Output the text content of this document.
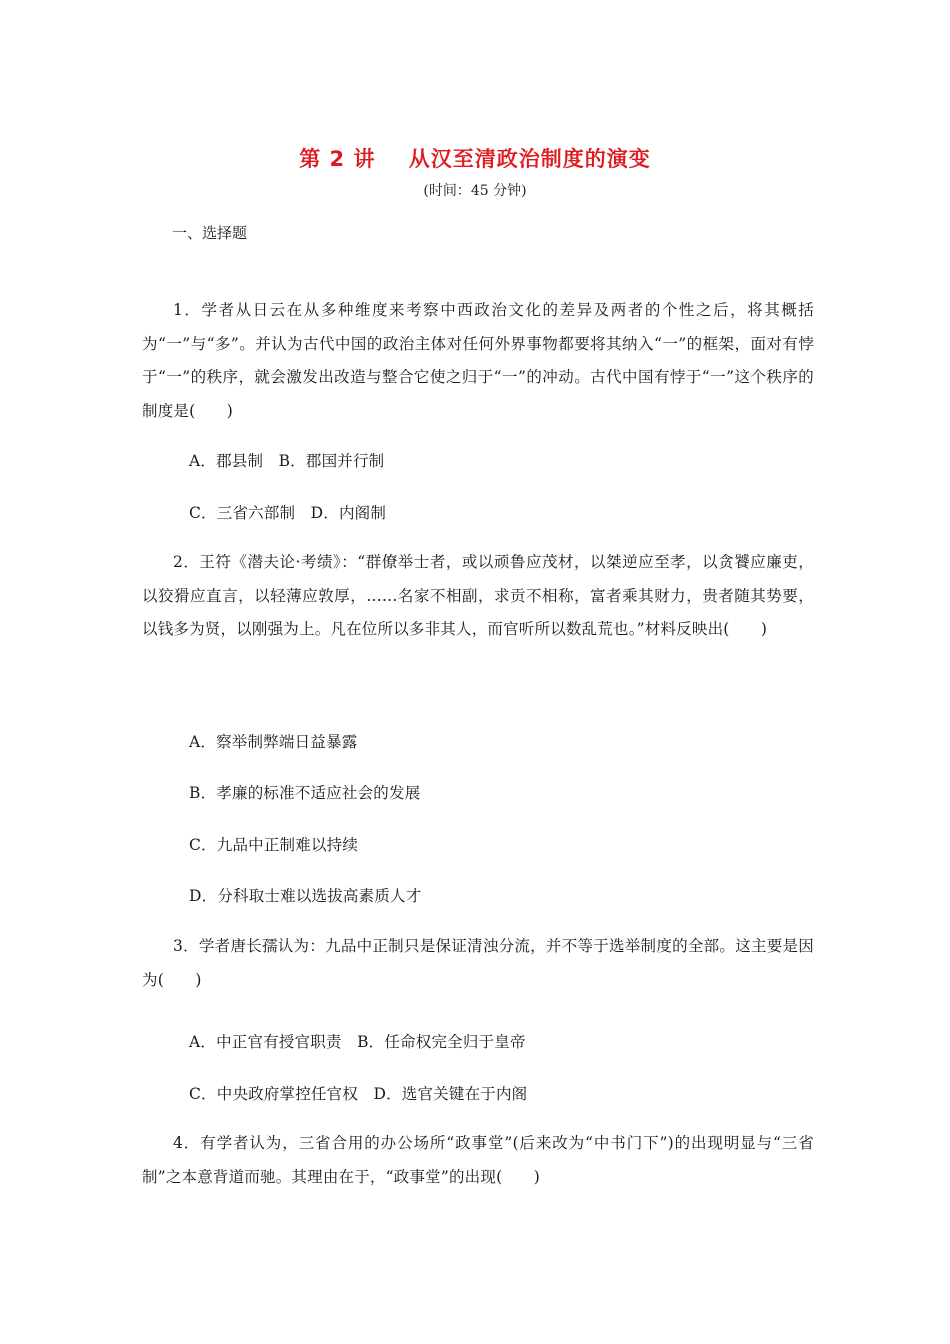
第 2 讲    从汉至清政治制度的演变
(时间：45 分钟)
一、选择题
1．学者从日云在从多种维度来考察中西政治文化的差异及两者的个性之后，将其概括为“一”与“多”。并认为古代中国的政治主体对任何外界事物都要将其纳入“一”的框架，面对有悖于“一”的秩序，就会激发出改造与整合它使之归于“一”的冲动。古代中国有悖于“一”这个秩序的制度是(　　)
A．郡县制   B．郡国并行制
C．三省六部制   D．内阁制
2．王符《潜夫论·考绩》：“群僚举士者，或以顽鲁应茂材，以桀逆应至孝，以贪饕应廉吏，以狡猾应直言，以轻薄应敦厚，……名家不相副，求贡不相称，富者乘其财力，贵者随其势要，以钱多为贤，以刚强为上。凡在位所以多非其人，而官听所以数乱荒也。”材料反映出(　　)
A．察举制弊端日益暴露
B．孝廉的标准不适应社会的发展
C．九品中正制难以持续
D．分科取士难以选拔高素质人才
3．学者唐长孺认为：九品中正制只是保证清浊分流，并不等于选举制度的全部。这主要是因为(　　)
A．中正官有授官职责   B．任命权完全归于皇帝
C．中央政府掌控任官权   D．选官关键在于内阁
4．有学者认为，三省合用的办公场所“政事堂”(后来改为“中书门下”)的出现明显与“三省制”之本意背道而驰。其理由在于，“政事堂”的出现(　　)
